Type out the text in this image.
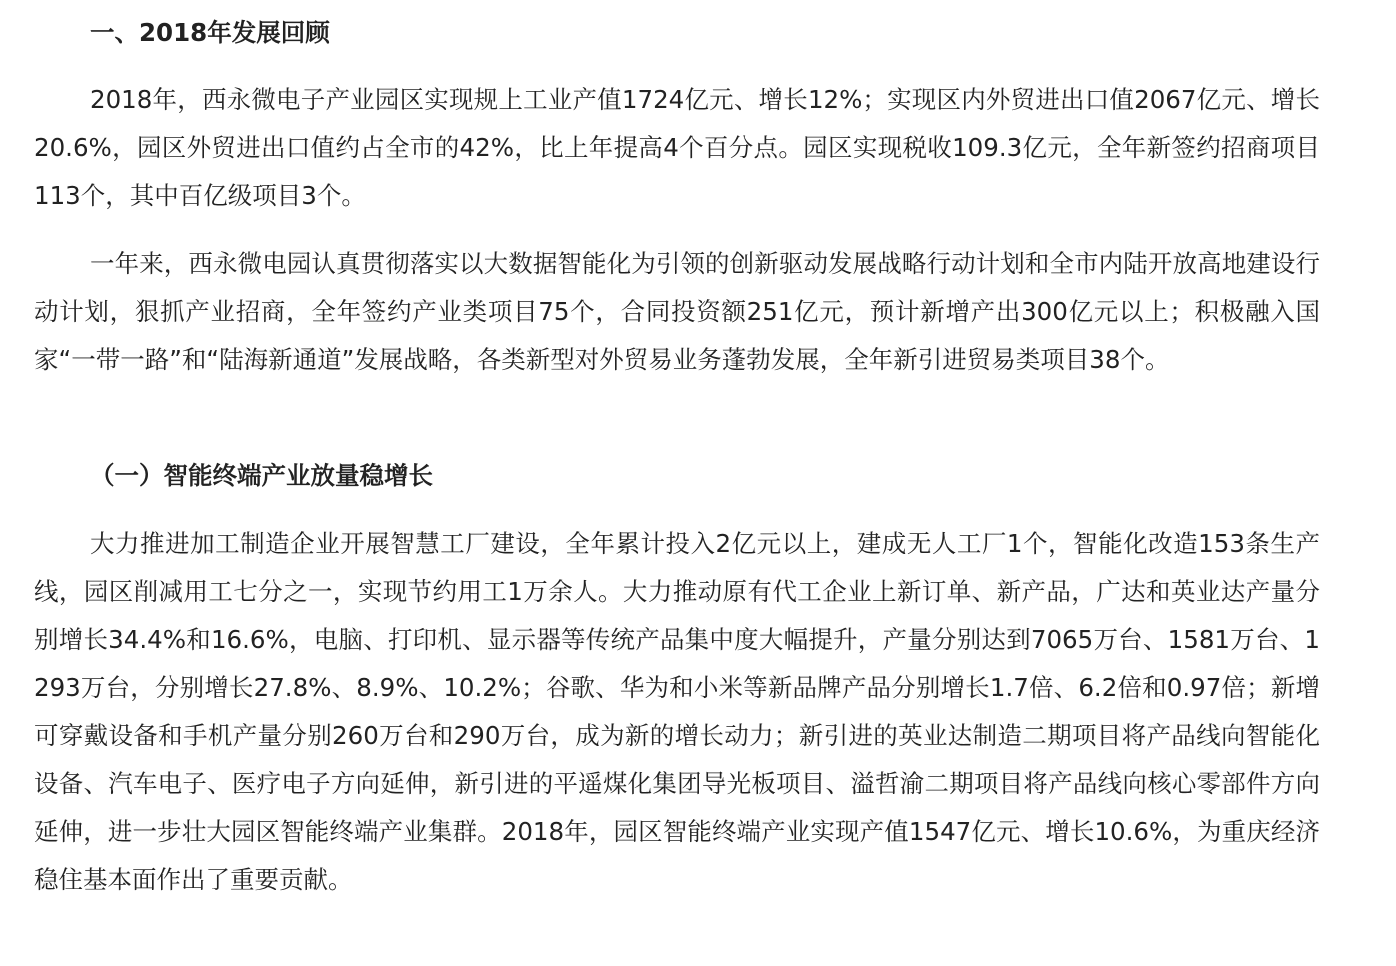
一、2018年发展回顾

2018年，西永微电子产业园区实现规上工业产值1724亿元、增长12%；实现区内外贸进出口值2067亿元、增长20.6%，园区外贸进出口值约占全市的42%，比上年提高4个百分点。园区实现税收109.3亿元，全年新签约招商项目113个，其中百亿级项目3个。

一年来，西永微电园认真贯彻落实以大数据智能化为引领的创新驱动发展战略行动计划和全市内陆开放高地建设行动计划，狠抓产业招商，全年签约产业类项目75个，合同投资额251亿元，预计新增产出300亿元以上；积极融入国家“一带一路”和“陆海新通道”发展战略，各类新型对外贸易业务蓬勃发展，全年新引进贸易类项目38个。

（一）智能终端产业放量稳增长

大力推进加工制造企业开展智慧工厂建设，全年累计投入2亿元以上，建成无人工厂1个，智能化改造153条生产线，园区削减用工七分之一，实现节约用工1万余人。大力推动原有代工企业上新订单、新产品，广达和英业达产量分别增长34.4%和16.6%，电脑、打印机、显示器等传统产品集中度大幅提升，产量分别达到7065万台、1581万台、1293万台，分别增长27.8%、8.9%、10.2%；谷歌、华为和小米等新品牌产品分别增长1.7倍、6.2倍和0.97倍；新增可穿戴设备和手机产量分别260万台和290万台，成为新的增长动力；新引进的英业达制造二期项目将产品线向智能化设备、汽车电子、医疗电子方向延伸，新引进的平遥煤化集团导光板项目、溢哲渝二期项目将产品线向核心零部件方向延伸，进一步壮大园区智能终端产业集群。2018年，园区智能终端产业实现产值1547亿元、增长10.6%，为重庆经济稳住基本面作出了重要贡献。
